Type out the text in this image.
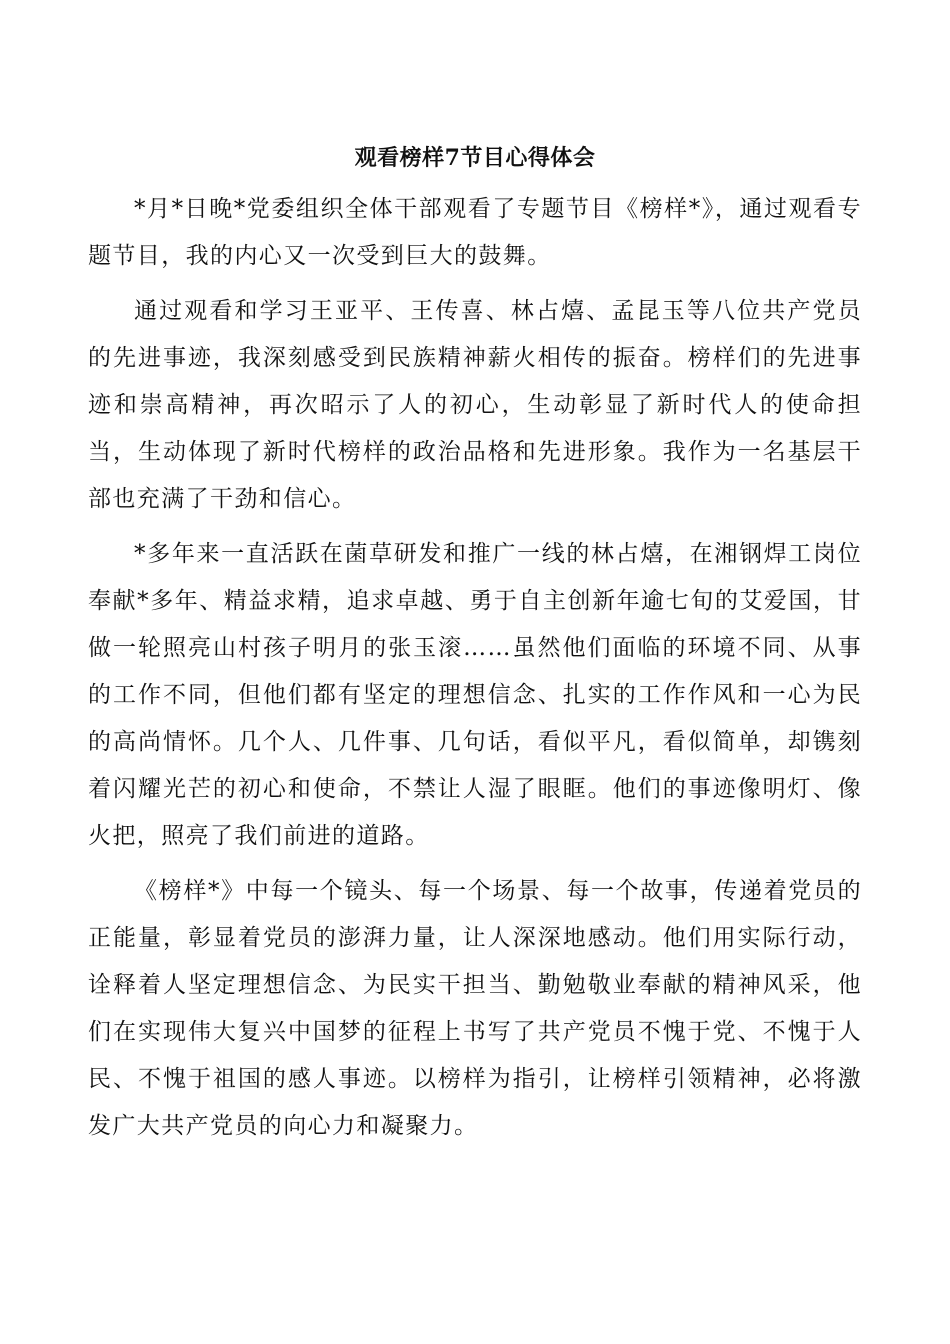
观看榜样7节目心得体会

*月*日晚*党委组织全体干部观看了专题节目《榜样*》，通过观看专题节目，我的内心又一次受到巨大的鼓舞。

通过观看和学习王亚平、王传喜、林占熺、孟昆玉等八位共产党员的先进事迹，我深刻感受到民族精神薪火相传的振奋。榜样们的先进事迹和崇高精神，再次昭示了人的初心，生动彰显了新时代人的使命担当，生动体现了新时代榜样的政治品格和先进形象。我作为一名基层干部也充满了干劲和信心。

*多年来一直活跃在菌草研发和推广一线的林占熺，在湘钢焊工岗位奉献*多年、精益求精，追求卓越、勇于自主创新年逾七旬的艾爱国，甘做一轮照亮山村孩子明月的张玉滚……虽然他们面临的环境不同、从事的工作不同，但他们都有坚定的理想信念、扎实的工作作风和一心为民的高尚情怀。几个人、几件事、几句话，看似平凡，看似简单，却镌刻着闪耀光芒的初心和使命，不禁让人湿了眼眶。他们的事迹像明灯、像火把，照亮了我们前进的道路。

《榜样*》中每一个镜头、每一个场景、每一个故事，传递着党员的正能量，彰显着党员的澎湃力量，让人深深地感动。他们用实际行动，诠释着人坚定理想信念、为民实干担当、勤勉敬业奉献的精神风采，他们在实现伟大复兴中国梦的征程上书写了共产党员不愧于党、不愧于人民、不愧于祖国的感人事迹。以榜样为指引，让榜样引领精神，必将激发广大共产党员的向心力和凝聚力。
